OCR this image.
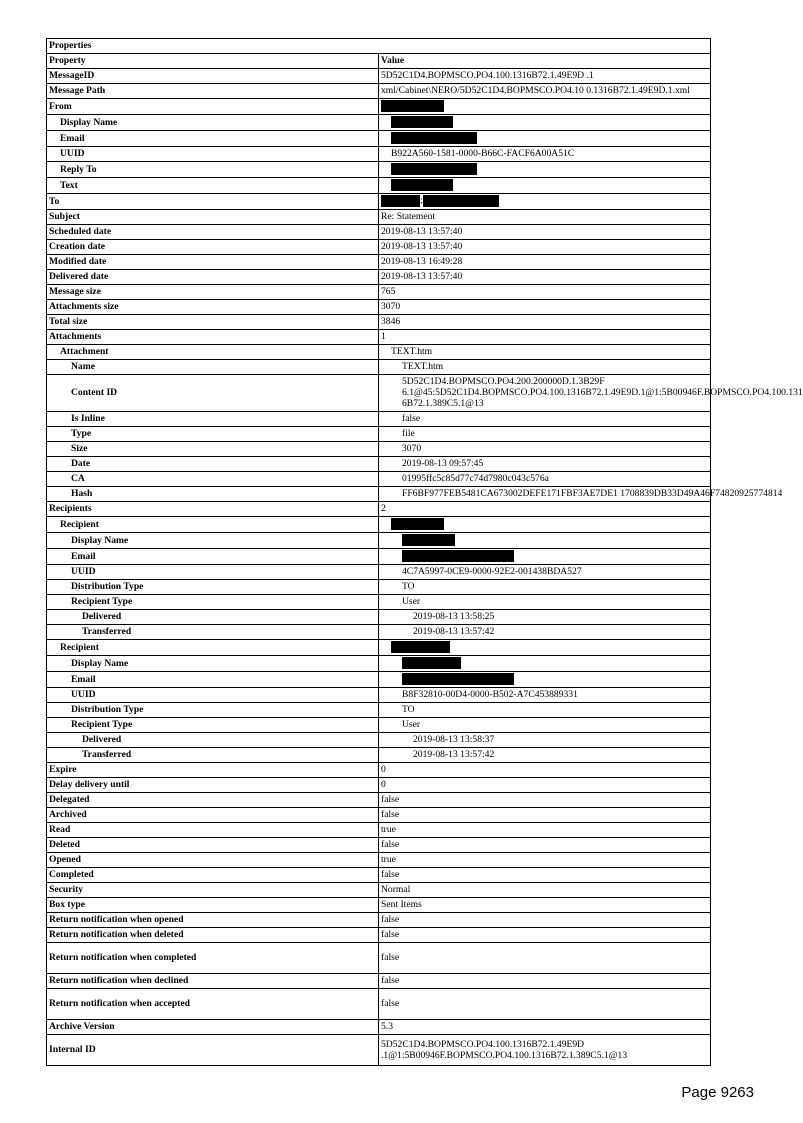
Properties	
Property	Value
MessageID	5D52C1D4.BOPMSCO.PO4.100.1316B72.1.49E9D .1
Message Path	xml/Cabinet\NERO/5D52C1D4.BOPMSCO.PO4.10 0.1316B72.1.49E9D.1.xml
From	
Display Name	
Email	
UUID	B922A560-1581-0000-B66C-FACF6A00A51C
Reply To	
Text	
To	;
Subject	Re: Statement
Scheduled date	2019-08-13 13:57:40
Creation date	2019-08-13 13:57:40
Modified date	2019-08-13 16:49:28
Delivered date	2019-08-13 13:57:40
Message size	765
Attachments size	3070
Total size	3846
Attachments	1
Attachment	TEXT.htm
Name	TEXT.htm
Content ID	5D52C1D4.BOPMSCO.PO4.200.200000D.1.3B29F 6.1@45:5D52C1D4.BOPMSCO.PO4.100.1316B72.1.49E9D.1@1:5B00946F.BOPMSCO.PO4.100.131 6B72.1.389C5.1@13
Is Inline	false
Type	file
Size	3070
Date	2019-08-13 09:57:45
CA	01995ffc5c85d77c74d7980c043c576a
Hash	FF6BF977FEB5481CA673002DEFE171FBF3AE7DE1 1708839DB33D49A46F74820925774814
Recipients	2
Recipient	
Display Name	
Email	
UUID	4C7A5997-0CE9-0000-92E2-001438BDA527
Distribution Type	TO
Recipient Type	User
Delivered	2019-08-13 13:58:25
Transferred	2019-08-13 13:57:42
Recipient	
Display Name	
Email	
UUID	B8F32810-00D4-0000-B502-A7C453889331
Distribution Type	TO
Recipient Type	User
Delivered	2019-08-13 13:58:37
Transferred	2019-08-13 13:57:42
Expire	0
Delay delivery until	0
Delegated	false
Archived	false
Read	true
Deleted	false
Opened	true
Completed	false
Security	Normal
Box type	Sent Items
Return notification when opened	false
Return notification when deleted	false
Return notification when completed	false
Return notification when declined	false
Return notification when accepted	false
Archive Version	5.3
Internal ID	5D52C1D4.BOPMSCO.PO4.100.1316B72.1.49E9D .1@1:5B00946F.BOPMSCO.PO4.100.1316B72.1.389C5.1@13
Page 9263
